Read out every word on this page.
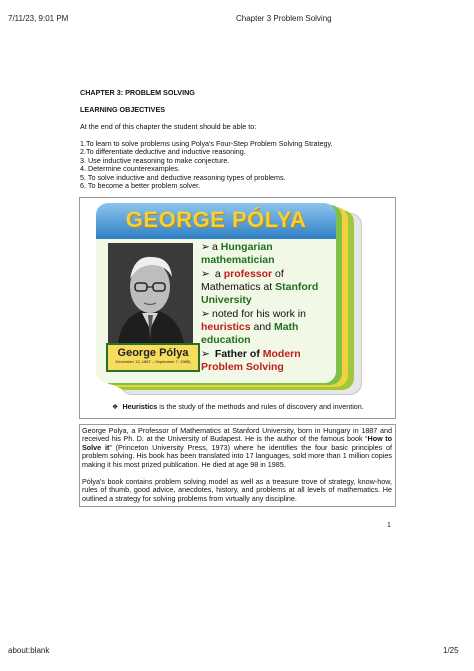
7/11/23, 9:01 PM	Chapter 3 Problem Solving
CHAPTER 3: PROBLEM SOLVING
LEARNING OBJECTIVES
At the end of this chapter the student should be able to:
1.To learn to solve problems using Polya's Four-Step Problem Solving Strategy.
2.To differentiate deductive and inductive reasoning.
3. Use inductive reasoning to make conjecture.
4. Determine counterexamples.
5. To solve inductive and deductive reasoning types of problems.
6. To become a better problem solver.
GEORGE PÓLYA
George Pólya
December 13, 1887 – September 7, 1985)
➢ a Hungarian mathematician
➢ a professor of Mathematics at Stanford University
➢ noted for his work in heuristics and Math education
➢ Father of Modern Problem Solving
❖ Heuristics is the study of the methods and rules of discovery and invention.
George Polya, a Professor of Mathematics at Stanford University, born in Hungary in 1887 and received his Ph. D. at the University of Budapest. He is the author of the famous book “How to Solve it” (Princeton University Press, 1973) where he identifies the four basic principles of problem solving. His book has been translated into 17 languages, sold more than 1 million copies making it his most prized publication. He died at age 98 in 1985.
Pólya's book contains problem solving model as well as a treasure trove of strategy, know-how, rules of thumb, good advice, anecdotes, history, and problems at all levels of mathematics. He outlined a strategy for solving problems from virtually any discipline.
1
about:blank	1/25
